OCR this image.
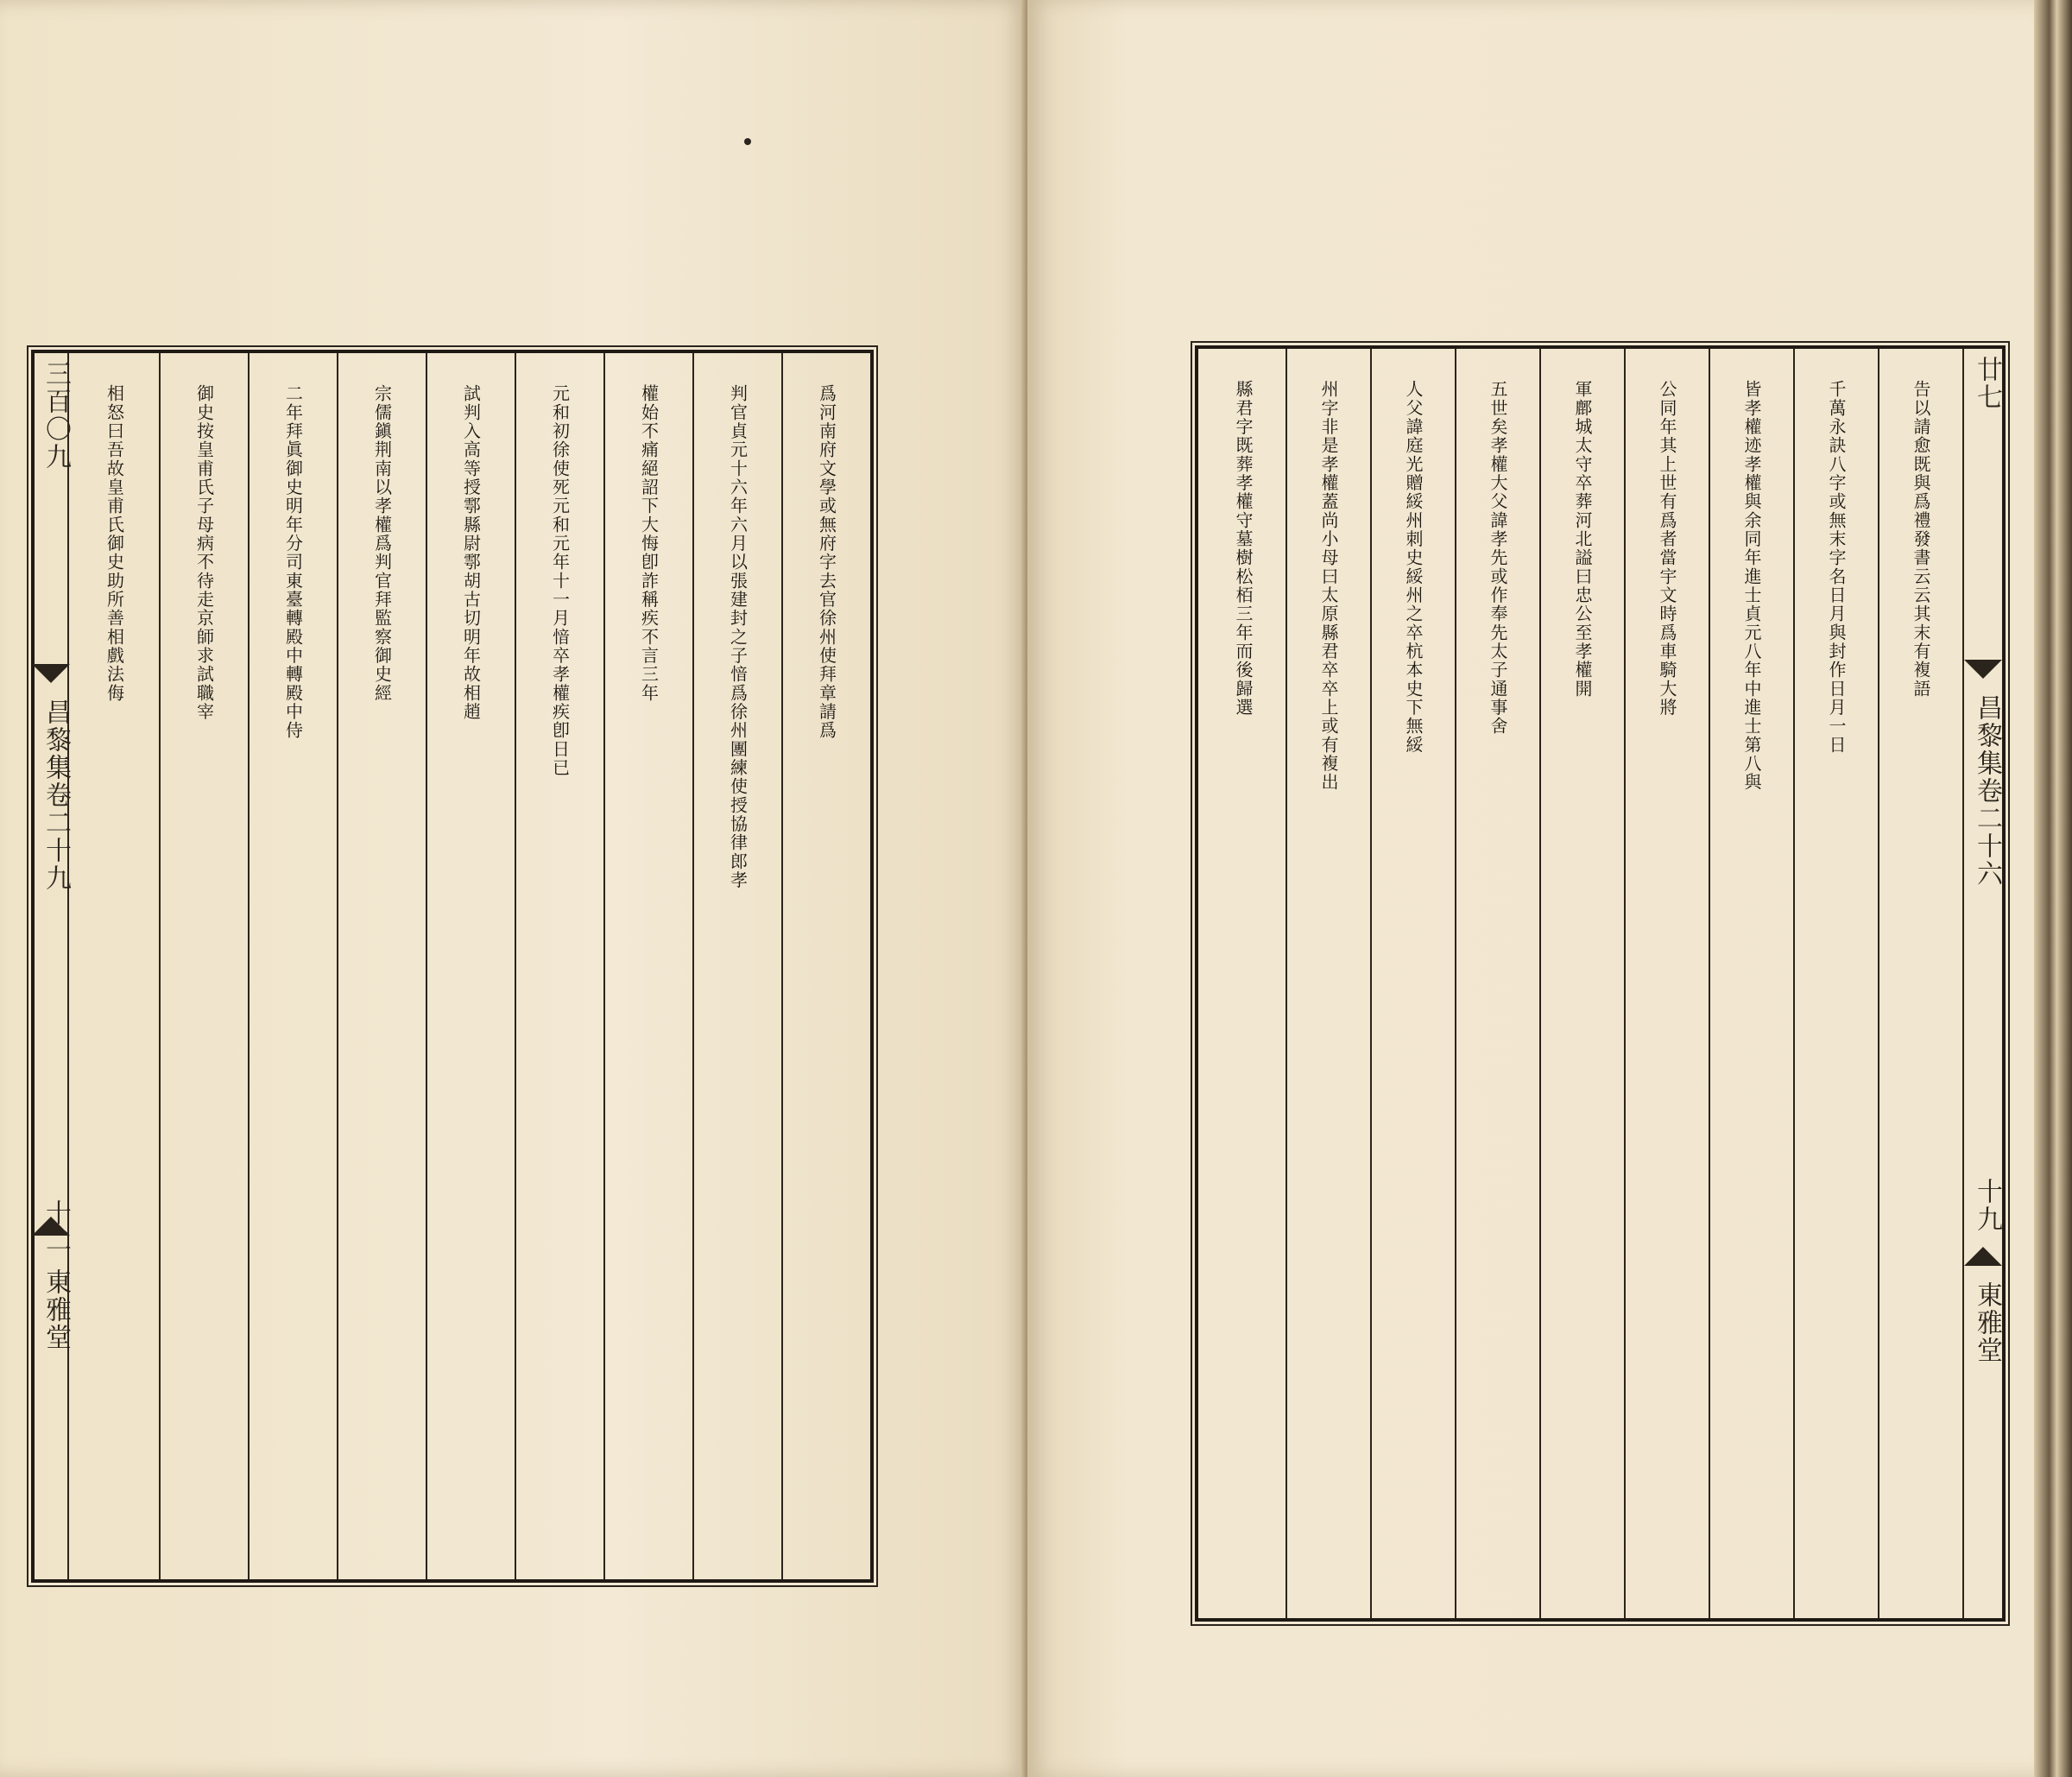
三百〇九
昌黎集卷二十九
十二
東雅堂
爲河南府文學或無府字去官徐州使拜章請爲
判官貞元十六年六月以張建封之子愔爲徐州團練使授協律郎孝
權始不痛絕詔下大悔卽詐稱疾不言三年
元和初徐使死元和元年十一月愔卒孝權疾卽日已
試判入高等授鄠縣尉鄠胡古切明年故相趙
宗儒鎭荆南以孝權爲判官拜監察御史經
二年拜眞御史明年分司東臺轉殿中轉殿中侍
御史按皇甫氏子母病不待走京師求試職宰
相怒曰吾故皇甫氏御史助所善相戲法侮	告以請愈既與爲禮發書云云其末有複語
千萬永訣八字或無末字名日月與封作日月一日
皆孝權迹孝權與余同年進士貞元八年中進士第八與
公同年其上世有爲者當宇文時爲車騎大將
軍鄜城太守卒葬河北謚曰忠公至孝權開
五世矣孝權大父諱孝先或作奉先太子通事舍
人父諱庭光贈綏州刺史綏州之卒杭本史下無綏
州字非是孝權蓋尚小母曰太原縣君卒卒上或有複出
縣君字既葬孝權守墓樹松栢三年而後歸選	廿七
昌黎集卷二十六
十九
東雅堂
